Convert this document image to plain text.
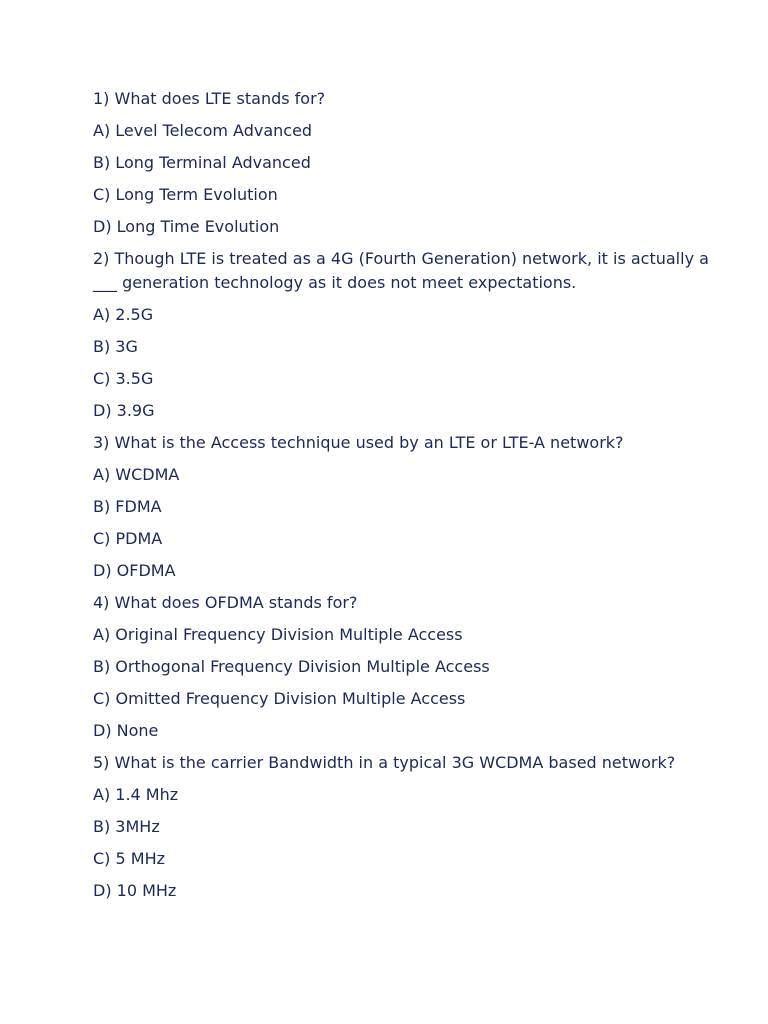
1) What does LTE stands for?
A) Level Telecom Advanced
B) Long Terminal Advanced
C) Long Term Evolution
D) Long Time Evolution
2) Though LTE is treated as a 4G (Fourth Generation) network, it is actually a ___ generation technology as it does not meet expectations.
A) 2.5G
B) 3G
C) 3.5G
D) 3.9G
3) What is the Access technique used by an LTE or LTE-A network?
A) WCDMA
B) FDMA
C) PDMA
D) OFDMA
4) What does OFDMA stands for?
A) Original Frequency Division Multiple Access
B) Orthogonal Frequency Division Multiple Access
C) Omitted Frequency Division Multiple Access
D) None
5) What is the carrier Bandwidth in a typical 3G WCDMA based network?
A) 1.4 Mhz
B) 3MHz
C) 5 MHz
D) 10 MHz
